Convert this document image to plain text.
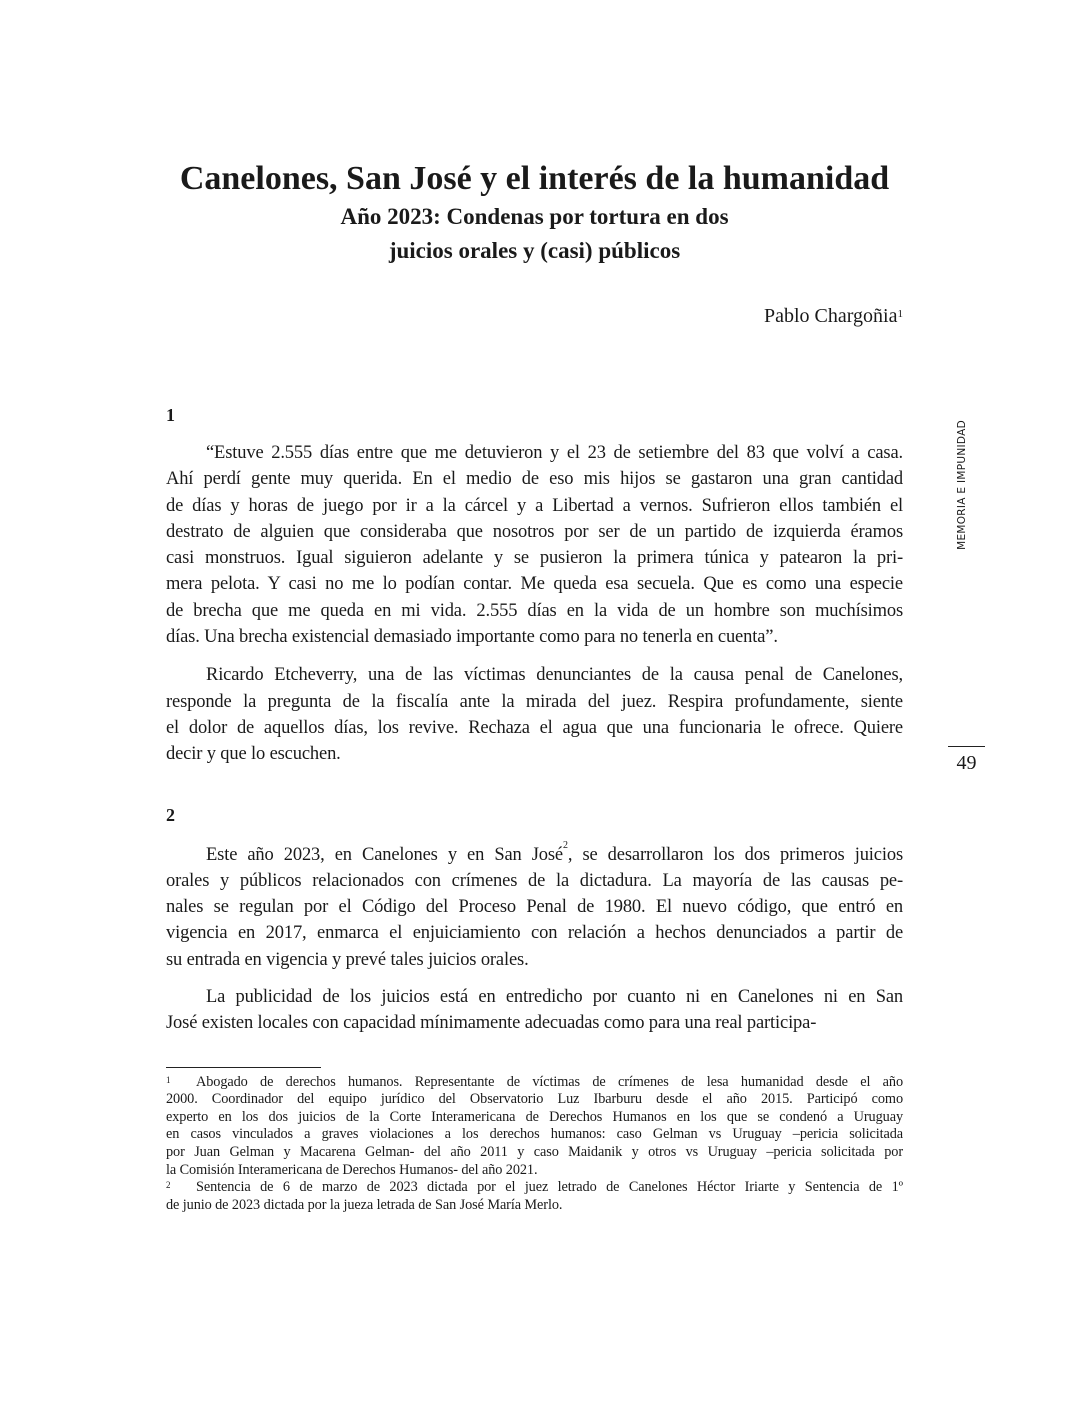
Canelones, San José y el interés de la humanidad
Año 2023: Condenas por tortura en dos
juicios orales y (casi) públicos
Pablo Chargoñia$^1$
1
“Estuve 2.555 días entre que me detuvieron y el 23 de setiembre del 83 que volví a casa.
Ahí perdí gente muy querida. En el medio de eso mis hijos se gastaron una gran cantidad
de días y horas de juego por ir a la cárcel y a Libertad a vernos. Sufrieron ellos también el
destrato de alguien que consideraba que nosotros por ser de un partido de izquierda éramos
casi monstruos. Igual siguieron adelante y se pusieron la primera túnica y patearon la pri-
mera pelota. Y casi no me lo podían contar. Me queda esa secuela. Que es como una especie
de brecha que me queda en mi vida. 2.555 días en la vida de un hombre son muchísimos
días. Una brecha existencial demasiado importante como para no tenerla en cuenta”.
Ricardo Etcheverry, una de las víctimas denunciantes de la causa penal de Canelones,
responde la pregunta de la fiscalía ante la mirada del juez. Respira profundamente, siente
el dolor de aquellos días, los revive. Rechaza el agua que una funcionaria le ofrece. Quiere
decir y que lo escuchen.
2
Este año 2023, en Canelones y en San José$^2$, se desarrollaron los dos primeros juicios
orales y públicos relacionados con crímenes de la dictadura. La mayoría de las causas pe-
nales se regulan por el Código del Proceso Penal de 1980. El nuevo código, que entró en
vigencia en 2017, enmarca el enjuiciamiento con relación a hechos denunciados a partir de
su entrada en vigencia y prevé tales juicios orales.
La publicidad de los juicios está en entredicho por cuanto ni en Canelones ni en San
José existen locales con capacidad mínimamente adecuadas como para una real participa-
1 Abogado de derechos humanos. Representante de víctimas de crímenes de lesa humanidad desde el año
2000. Coordinador del equipo jurídico del Observatorio Luz Ibarburu desde el año 2015. Participó como
experto en los dos juicios de la Corte Interamericana de Derechos Humanos en los que se condenó a Uruguay
en casos vinculados a graves violaciones a los derechos humanos: caso Gelman vs Uruguay –pericia solicitada
por Juan Gelman y Macarena Gelman- del año 2011 y caso Maidanik y otros vs Uruguay –pericia solicitada por
la Comisión Interamericana de Derechos Humanos- del año 2021.
2 Sentencia de 6 de marzo de 2023 dictada por el juez letrado de Canelones Héctor Iriarte y Sentencia de 1º
de junio de 2023 dictada por la jueza letrada de San José María Merlo.
MEMORIA E IMPUNIDAD
49
